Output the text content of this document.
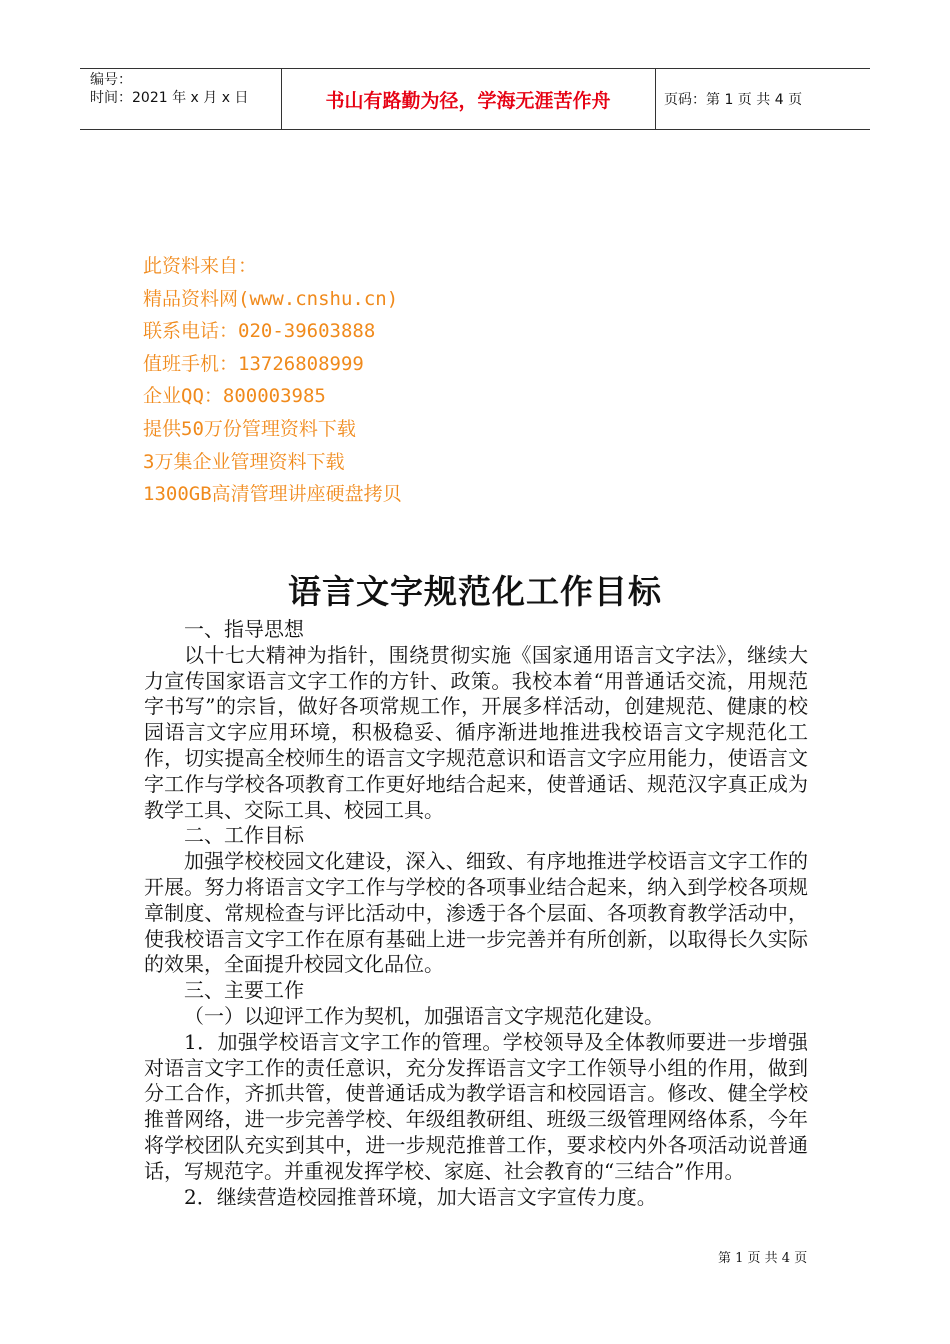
编号：
时间：2021 年 x 月 x 日	书山有路勤为径，学海无涯苦作舟	页码：第 1 页 共 4 页
此资料来自：
精品资料网(www.cnshu.cn)
联系电话：020-39603888
值班手机：13726808999
企业QQ：800003985
提供50万份管理资料下载
3万集企业管理资料下载
1300GB高清管理讲座硬盘拷贝
语言文字规范化工作目标

一、指导思想

以十七大精神为指针，围绕贯彻实施《国家通用语言文字法》，继续大力宣传国家语言文字工作的方针、政策。我校本着“用普通话交流，用规范字书写”的宗旨，做好各项常规工作，开展多样活动，创建规范、健康的校园语言文字应用环境，积极稳妥、循序渐进地推进我校语言文字规范化工作，切实提高全校师生的语言文字规范意识和语言文字应用能力，使语言文字工作与学校各项教育工作更好地结合起来，使普通话、规范汉字真正成为教学工具、交际工具、校园工具。

二、工作目标

加强学校校园文化建设，深入、细致、有序地推进学校语言文字工作的开展。努力将语言文字工作与学校的各项事业结合起来，纳入到学校各项规章制度、常规检查与评比活动中，渗透于各个层面、各项教育教学活动中，使我校语言文字工作在原有基础上进一步完善并有所创新，以取得长久实际的效果，全面提升校园文化品位。

三、主要工作

（一）以迎评工作为契机，加强语言文字规范化建设。

1．加强学校语言文字工作的管理。学校领导及全体教师要进一步增强对语言文字工作的责任意识，充分发挥语言文字工作领导小组的作用，做到分工合作，齐抓共管，使普通话成为教学语言和校园语言。修改、健全学校推普网络，进一步完善学校、年级组教研组、班级三级管理网络体系，今年将学校团队充实到其中，进一步规范推普工作，要求校内外各项活动说普通话，写规范字。并重视发挥学校、家庭、社会教育的“三结合”作用。

2．继续营造校园推普环境，加大语言文字宣传力度。

第 1 页 共 4 页
